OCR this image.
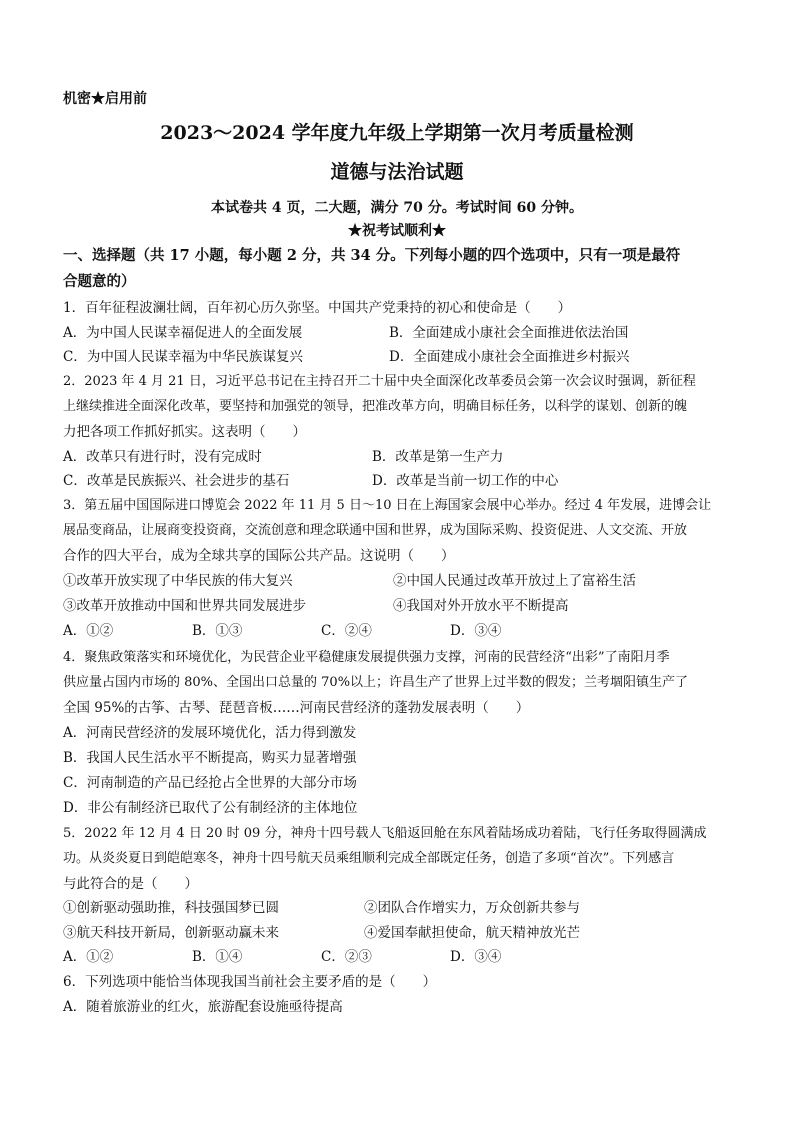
机密★启用前
2023～2024 学年度九年级上学期第一次月考质量检测
道德与法治试题
本试卷共 4 页，二大题，满分 70 分。考试时间 60 分钟。
★祝考试顺利★
一、选择题（共 17 小题，每小题 2 分，共 34 分。下列每小题的四个选项中，只有一项是最符
合题意的）
1．百年征程波澜壮阔，百年初心历久弥坚。中国共产党秉持的初心和使命是（　　）
A．为中国人民谋幸福促进人的全面发展	B．全面建成小康社会全面推进依法治国
C．为中国人民谋幸福为中华民族谋复兴	D．全面建成小康社会全面推进乡村振兴
2．2023 年 4 月 21 日，习近平总书记在主持召开二十届中央全面深化改革委员会第一次会议时强调，新征程
上继续推进全面深化改革，要坚持和加强党的领导，把准改革方向，明确目标任务，以科学的谋划、创新的魄
力把各项工作抓好抓实。这表明（　　）
A．改革只有进行时，没有完成时	B．改革是第一生产力
C．改革是民族振兴、社会进步的基石	D．改革是当前一切工作的中心
3．第五届中国国际进口博览会 2022 年 11 月 5 日～10 日在上海国家会展中心举办。经过 4 年发展，进博会让
展品变商品，让展商变投资商，交流创意和理念联通中国和世界，成为国际采购、投资促进、人文交流、开放
合作的四大平台，成为全球共享的国际公共产品。这说明（　　）
①改革开放实现了中华民族的伟大复兴	②中国人民通过改革开放过上了富裕生活
③改革开放推动中国和世界共同发展进步	④我国对外开放水平不断提高
A．①②	B．①③	C．②④	D．③④
4．聚焦政策落实和环境优化，为民营企业平稳健康发展提供强力支撑，河南的民营经济“出彩”了南阳月季
供应量占国内市场的 80%、全国出口总量的 70%以上；许昌生产了世界上过半数的假发；兰考堌阳镇生产了
全国 95%的古筝、古琴、琵琶音板……河南民营经济的蓬勃发展表明（　　）
A．河南民营经济的发展环境优化，活力得到激发
B．我国人民生活水平不断提高，购买力显著增强
C．河南制造的产品已经抢占全世界的大部分市场
D．非公有制经济已取代了公有制经济的主体地位
5．2022 年 12 月 4 日 20 时 09 分，神舟十四号载人飞船返回舱在东风着陆场成功着陆，飞行任务取得圆满成
功。从炎炎夏日到皑皑寒冬，神舟十四号航天员乘组顺利完成全部既定任务，创造了多项“首次”。下列感言
与此符合的是（　　）
①创新驱动强助推，科技强国梦已圆	②团队合作增实力，万众创新共参与
③航天科技开新局，创新驱动赢未来	④爱国奉献担使命，航天精神放光芒
A．①②	B．①④	C．②③	D．③④
6．下列选项中能恰当体现我国当前社会主要矛盾的是（　　）
A．随着旅游业的红火，旅游配套设施亟待提高
